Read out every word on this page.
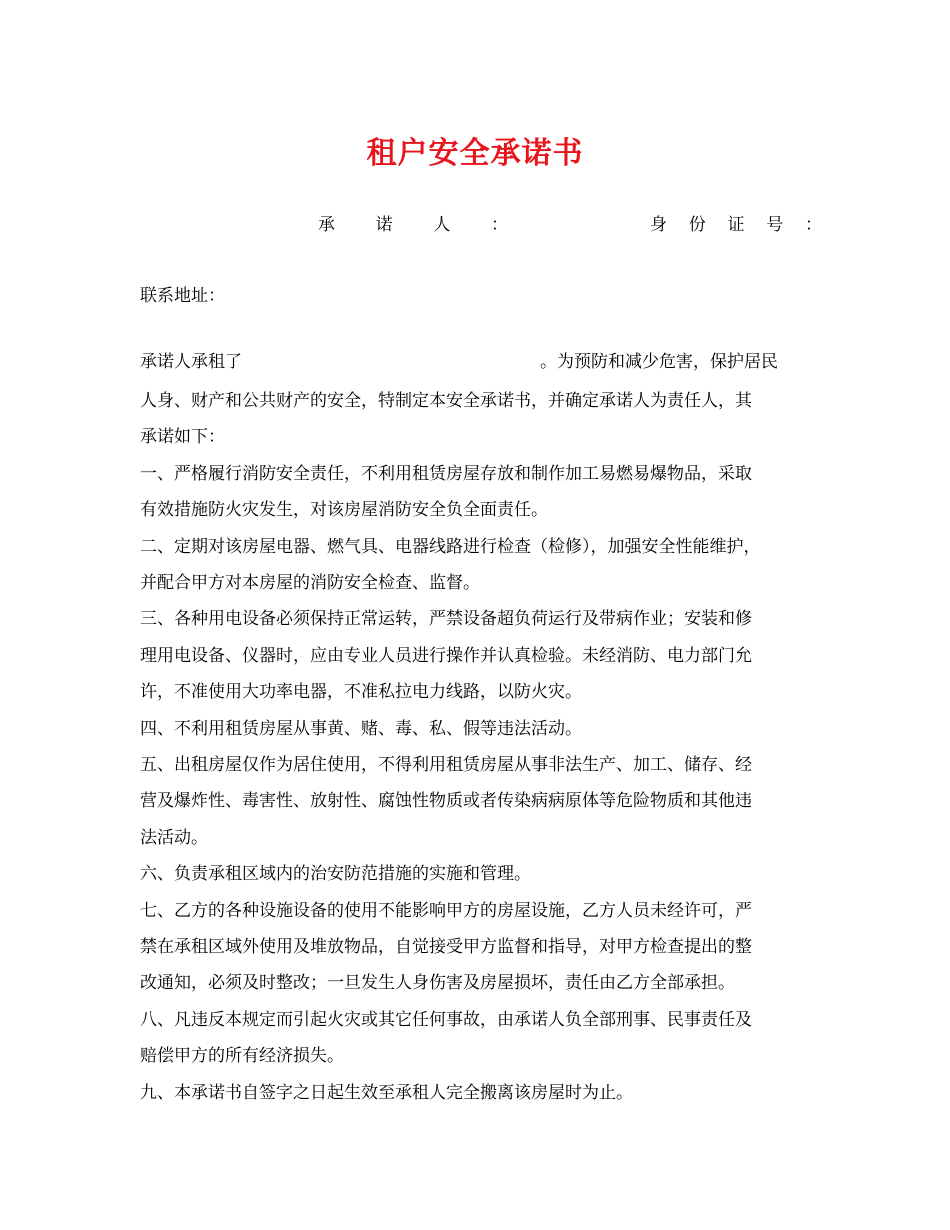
租户安全承诺书
承 诺 人 ：	身 份 证 号 ：
联系地址：
承诺人承租了	。为预防和减少危害，保护居民
人身、财产和公共财产的安全，特制定本安全承诺书，并确定承诺人为责任人，其
承诺如下：
一、严格履行消防安全责任，不利用租赁房屋存放和制作加工易燃易爆物品，采取
有效措施防火灾发生，对该房屋消防安全负全面责任。
二、定期对该房屋电器、燃气具、电器线路进行检查（检修），加强安全性能维护，
并配合甲方对本房屋的消防安全检查、监督。
三、各种用电设备必须保持正常运转，严禁设备超负荷运行及带病作业；安装和修
理用电设备、仪器时，应由专业人员进行操作并认真检验。未经消防、电力部门允
许，不准使用大功率电器，不准私拉电力线路，以防火灾。
四、不利用租赁房屋从事黄、赌、毒、私、假等违法活动。
五、出租房屋仅作为居住使用，不得利用租赁房屋从事非法生产、加工、储存、经
营及爆炸性、毒害性、放射性、腐蚀性物质或者传染病病原体等危险物质和其他违
法活动。
六、负责承租区域内的治安防范措施的实施和管理。
七、乙方的各种设施设备的使用不能影响甲方的房屋设施，乙方人员未经许可，严
禁在承租区域外使用及堆放物品，自觉接受甲方监督和指导，对甲方检查提出的整
改通知，必须及时整改；一旦发生人身伤害及房屋损坏，责任由乙方全部承担。
八、凡违反本规定而引起火灾或其它任何事故，由承诺人负全部刑事、民事责任及
赔偿甲方的所有经济损失。
九、本承诺书自签字之日起生效至承租人完全搬离该房屋时为止。
